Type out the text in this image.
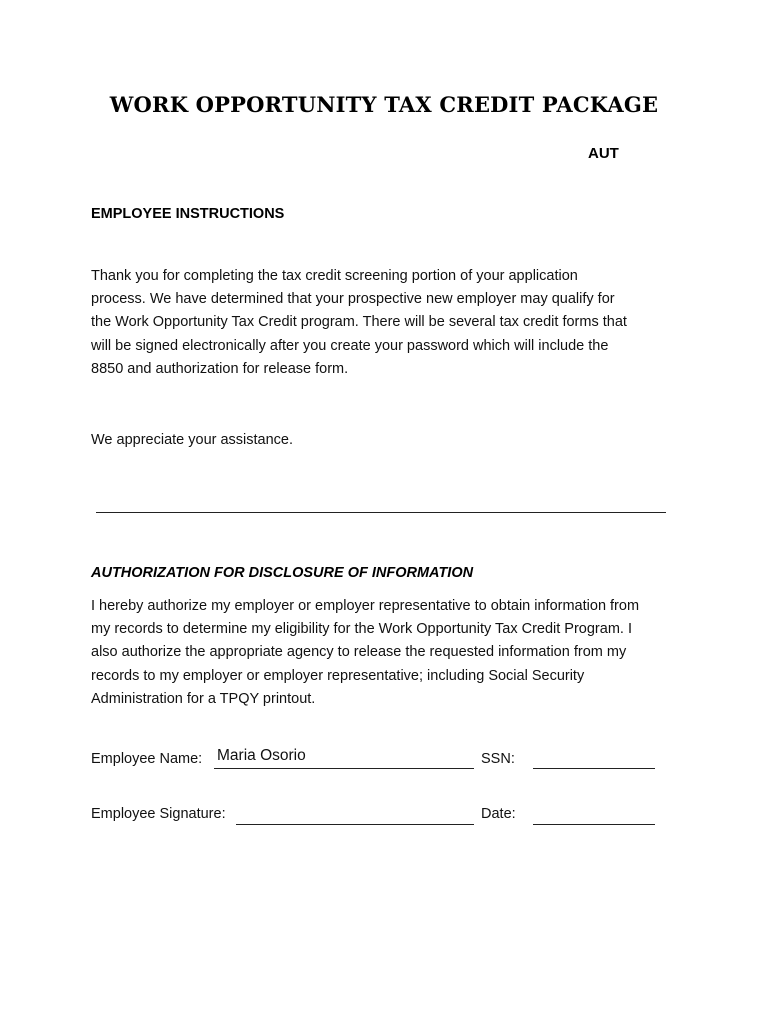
WORK OPPORTUNITY TAX CREDIT PACKAGE
AUT
EMPLOYEE INSTRUCTIONS

Thank you for completing the tax credit screening portion of your application
process. We have determined that your prospective new employer may qualify for
the Work Opportunity Tax Credit program. There will be several tax credit forms that
will be signed electronically after you create your password which will include the
8850 and authorization for release form.

We appreciate your assistance.

AUTHORIZATION FOR DISCLOSURE OF INFORMATION

I hereby authorize my employer or employer representative to obtain information from
my records to determine my eligibility for the Work Opportunity Tax Credit Program. I
also authorize the appropriate agency to release the requested information from my
records to my employer or employer representative; including Social Security
Administration for a TPQY printout.

Employee Name: Maria Osorio	SSN:
Employee Signature:	Date:
